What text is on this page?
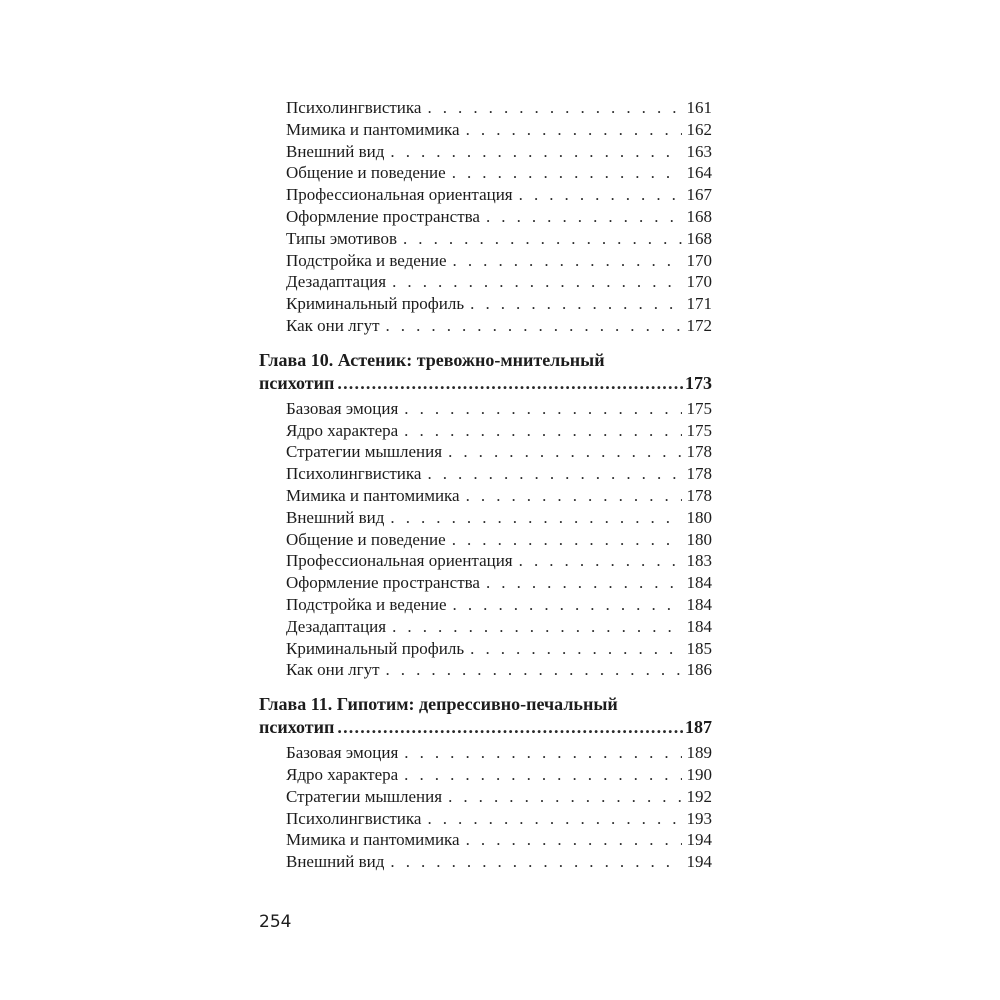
Психолингвистика . . .	161
Мимика и пантомимика . . .	162
Внешний вид . . .	163
Общение и поведение . . .	164
Профессиональная ориентация . . .	167
Оформление пространства . . .	168
Типы эмотивов . . .	168
Подстройка и ведение . . .	170
Дезадаптация . . .	170
Криминальный профиль . . .	171
Как они лгут . . .	172
Глава 10. Астеник: тревожно-мнительный
психотип .....	173
Базовая эмоция . . .	175
Ядро характера . . .	175
Стратегии мышления . . .	178
Психолингвистика . . .	178
Мимика и пантомимика . . .	178
Внешний вид . . .	180
Общение и поведение . . .	180
Профессиональная ориентация . . .	183
Оформление пространства . . .	184
Подстройка и ведение . . .	184
Дезадаптация . . .	184
Криминальный профиль . . .	185
Как они лгут . . .	186
Глава 11. Гипотим: депрессивно-печальный
психотип .....	187
Базовая эмоция . . .	189
Ядро характера . . .	190
Стратегии мышления . . .	192
Психолингвистика . . .	193
Мимика и пантомимика . . .	194
Внешний вид . . .	194
254
